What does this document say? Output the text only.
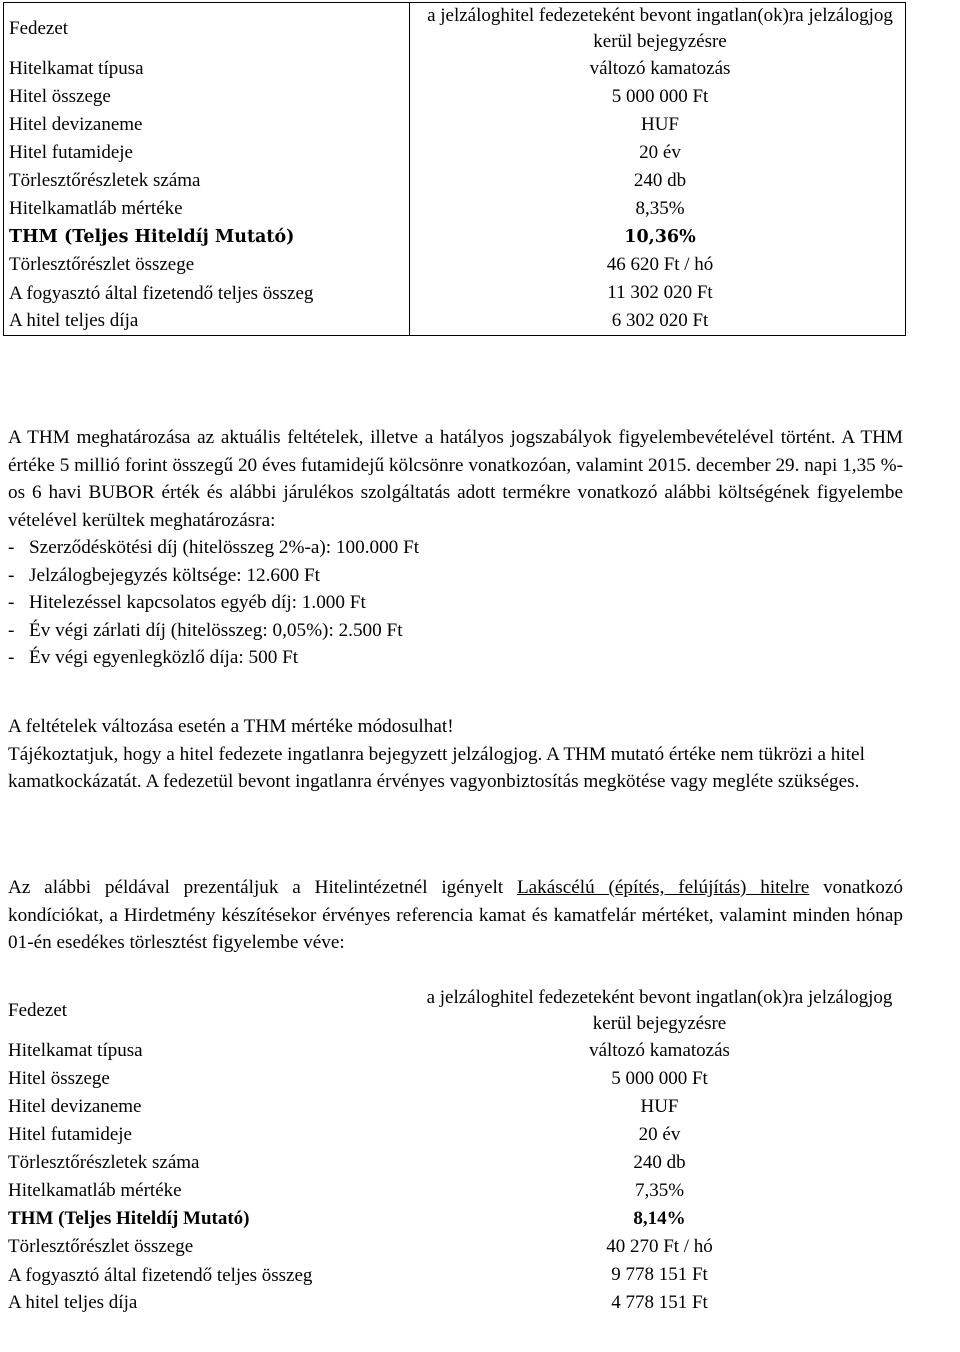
Fedezet	a jelzáloghitel fedezeteként bevont ingatlan(ok)ra jelzálogjog kerül bejegyzésre
Hitelkamat típusa	változó kamatozás
Hitel összege	5 000 000 Ft
Hitel devizaneme	HUF
Hitel futamideje	20 év
Törlesztőrészletek száma	240 db
Hitelkamatláb mértéke	8,35%
THM (Teljes Hiteldíj Mutató)	10,36%
Törlesztőrészlet összege	46 620 Ft / hó
A fogyasztó által fizetendő teljes összeg	11 302 020 Ft
A hitel teljes díja	6 302 020 Ft

A THM meghatározása az aktuális feltételek, illetve a hatályos jogszabályok figyelembevételével történt. A THM értéke 5 millió forint összegű 20 éves futamidejű kölcsönre vonatkozóan, valamint 2015. december 29. napi 1,35 %-os 6 havi BUBOR érték és alábbi járulékos szolgáltatás adott termékre vonatkozó alábbi költségének figyelembe vételével kerültek meghatározásra:

- Szerződéskötési díj (hitelösszeg 2%-a): 100.000 Ft
- Jelzálogbejegyzés költsége: 12.600 Ft
- Hitelezéssel kapcsolatos egyéb díj: 1.000 Ft
- Év végi zárlati díj (hitelösszeg: 0,05%): 2.500 Ft
- Év végi egyenlegközlő díja: 500 Ft

A feltételek változása esetén a THM mértéke módosulhat!

Tájékoztatjuk, hogy a hitel fedezete ingatlanra bejegyzett jelzálogjog. A THM mutató értéke nem tükrözi a hitel kamatkockázatát. A fedezetül bevont ingatlanra érvényes vagyonbiztosítás megkötése vagy megléte szükséges.

Az alábbi példával prezentáljuk a Hitelintézetnél igényelt Lakáscélú (építés, felújítás) hitelre vonatkozó kondíciókat, a Hirdetmény készítésekor érvényes referencia kamat és kamatfelár mértéket, valamint minden hónap 01-én esedékes törlesztést figyelembe véve:
Fedezet	a jelzáloghitel fedezeteként bevont ingatlan(ok)ra jelzálogjog kerül bejegyzésre
Hitelkamat típusa	változó kamatozás
Hitel összege	5 000 000 Ft
Hitel devizaneme	HUF
Hitel futamideje	20 év
Törlesztőrészletek száma	240 db
Hitelkamatláb mértéke	7,35%
THM (Teljes Hiteldíj Mutató)	8,14%
Törlesztőrészlet összege	40 270 Ft / hó
A fogyasztó által fizetendő teljes összeg	9 778 151 Ft
A hitel teljes díja	4 778 151 Ft
